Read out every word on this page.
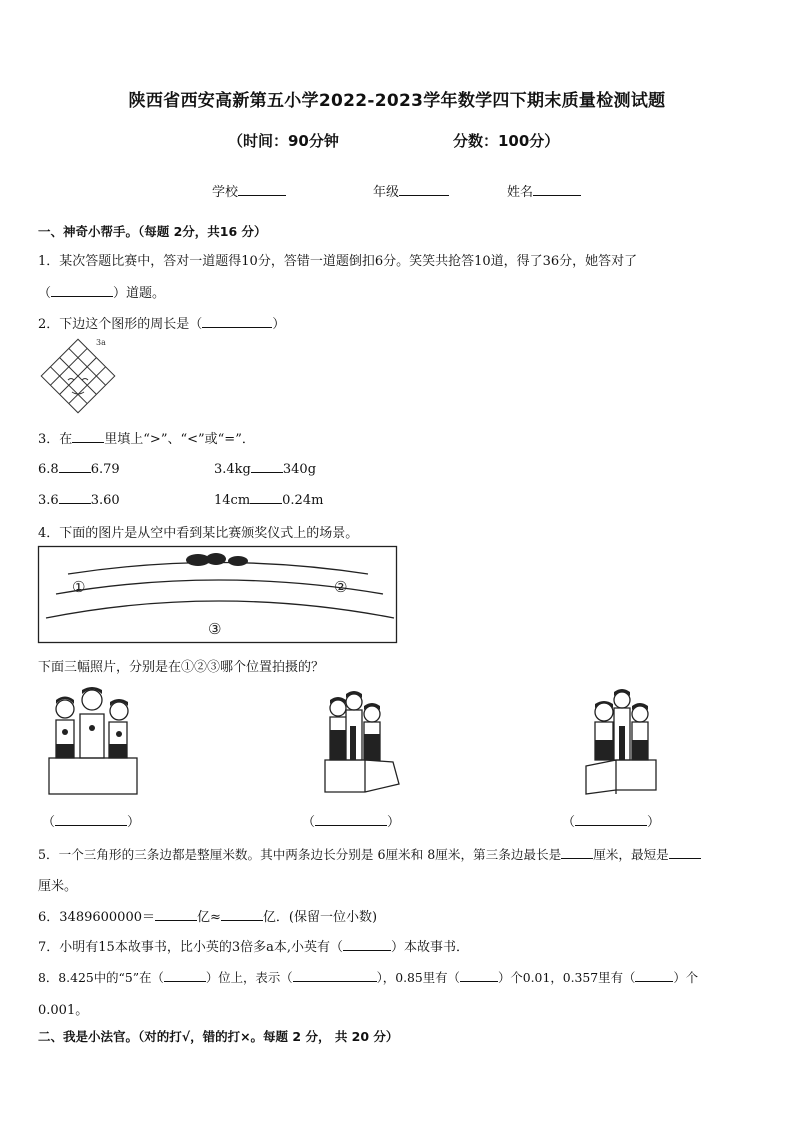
陕西省西安高新第五小学2022-2023学年数学四下期末质量检测试题
（时间：90分钟	分数：100分）
学校	年级	姓名
一、神奇小帮手。（每题 2分，共16 分）
1．某次答题比赛中，答对一道题得10分，答错一道题倒扣6分。笑笑共抢答10道，得了36分，她答对了
（	）道题。
2．下边这个图形的周长是（	）
3a
3．在 里填上“>”、“<”或“=”．
6.8 6.79	3.4kg 340g
3.6 3.60	14cm 0.24m
4．下面的图片是从空中看到某比赛颁奖仪式上的场景。
①	②
③
下面三幅照片，分别是在①②③哪个位置拍摄的？
（	）	（	）	（	）
5．一个三角形的三条边都是整厘米数。其中两条边长分别是 6厘米和 8厘米，第三条边最长是	厘米，最短是
厘米。
6．3489600000＝	亿≈	亿．(保留一位小数)
7．小明有15本故事书，比小英的3倍多a本,小英有（	）本故事书．
8．8.425中的“5”在（	）位上，表示（	），0.85里有（	）个0.01，0.357里有（	）个
0.001。
二、我是小法官。（对的打√，错的打×。每题 2 分， 共 20 分）
